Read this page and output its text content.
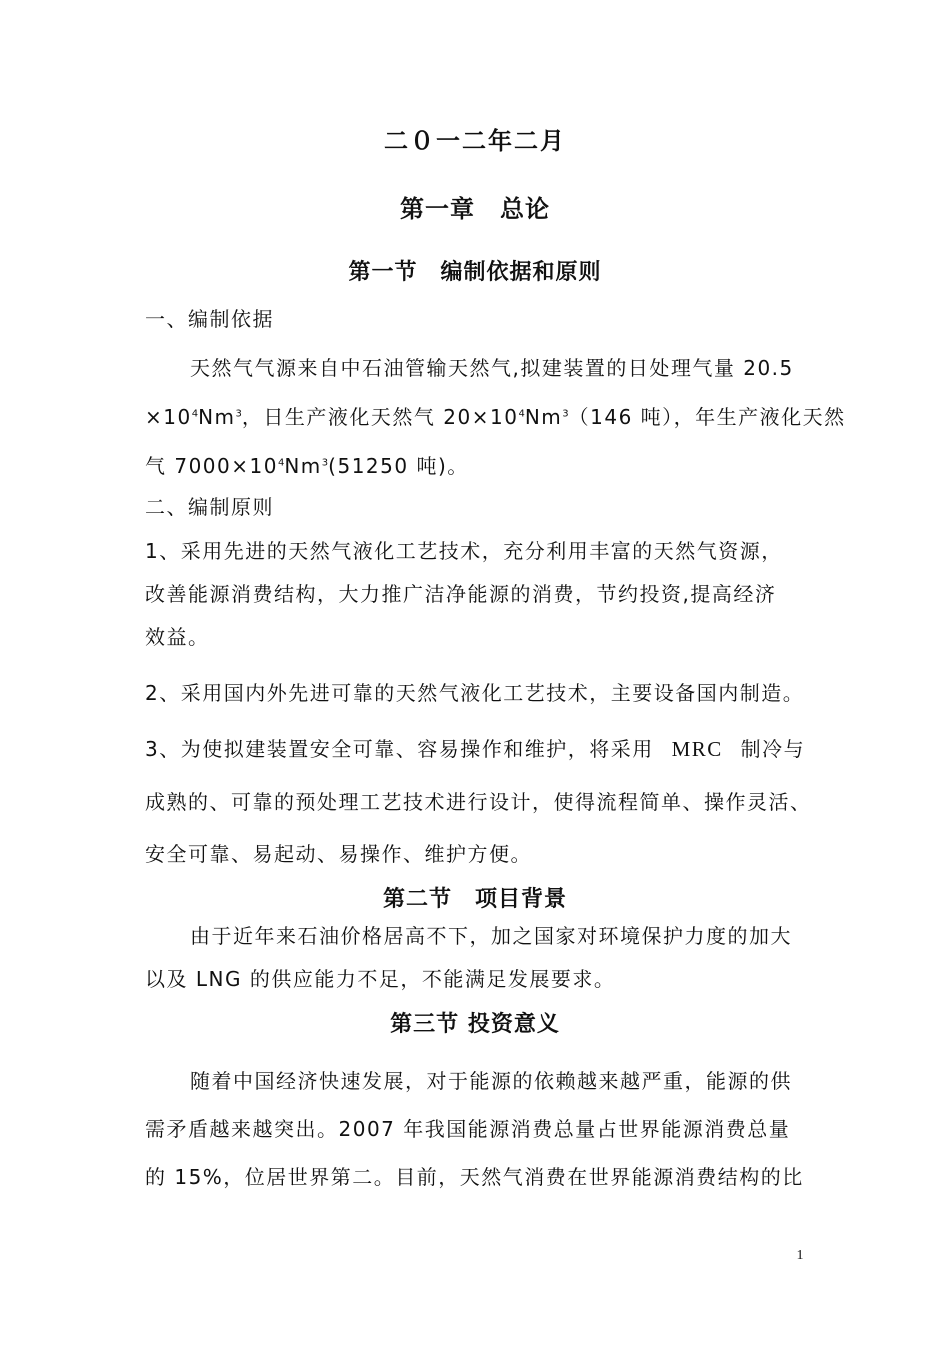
二０一二年二月
第一章　总论
第一节　编制依据和原则
一、编制依据
天然气气源来自中石油管输天然气,拟建装置的日处理气量 20.5
$\times 10^4Nm^3$，日生产液化天然气 $20\times 10^4Nm^3(146$ 吨），年生产液化天然
气 $7000\times 10^4Nm^3(51250$ 吨)。
二、编制原则
1、采用先进的天然气液化工艺技术，充分利用丰富的天然气资源，
改善能源消费结构，大力推广洁净能源的消费，节约投资,提高经济
效益。
2、采用国内外先进可靠的天然气液化工艺技术，主要设备国内制造。
3、为使拟建装置安全可靠、容易操作和维护，将采用 MRC 制冷与
成熟的、可靠的预处理工艺技术进行设计，使得流程简单、操作灵活、
安全可靠、易起动、易操作、维护方便。
第二节　项目背景
由于近年来石油价格居高不下，加之国家对环境保护力度的加大
以及 LNG 的供应能力不足，不能满足发展要求。
第三节 投资意义
随着中国经济快速发展，对于能源的依赖越来越严重，能源的供
需矛盾越来越突出。2007 年我国能源消费总量占世界能源消费总量
的 15%，位居世界第二。目前，天然气消费在世界能源消费结构的比
1
